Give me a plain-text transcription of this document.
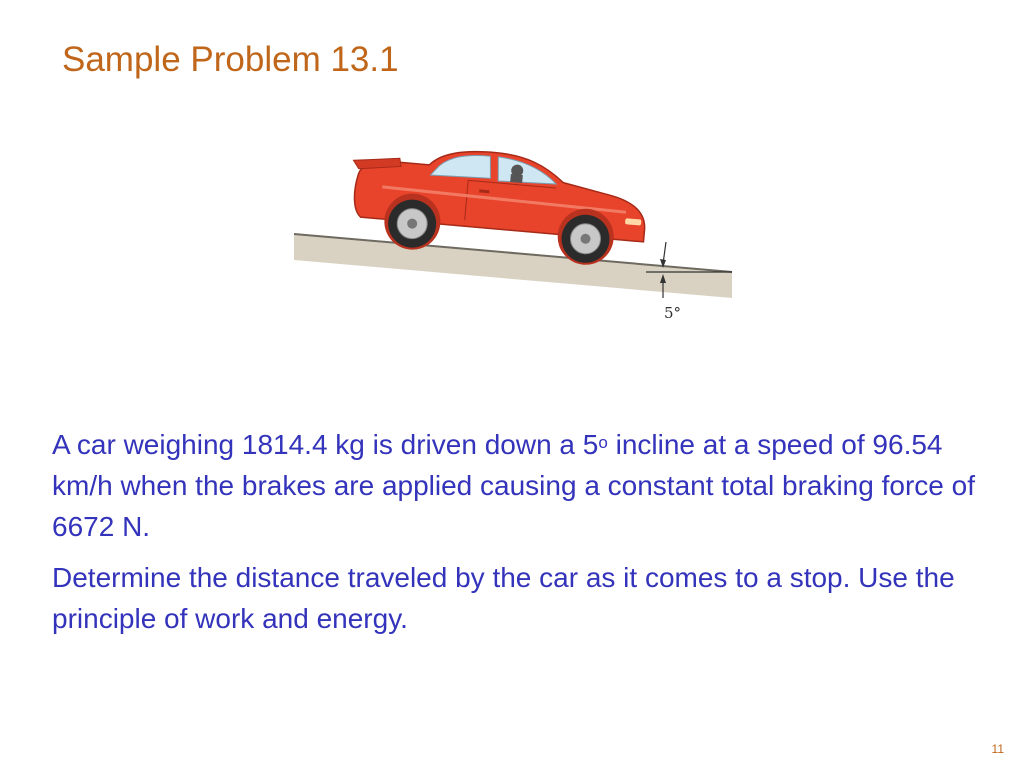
Sample Problem 13.1
5°

A car weighing 1814.4 kg is driven down a 5$^o$ incline at a speed of 96.54 km/h when the brakes are applied causing a constant total braking force of 6672 N.

Determine the distance traveled by the car as it comes to a stop. Use the principle of work and energy.

11
